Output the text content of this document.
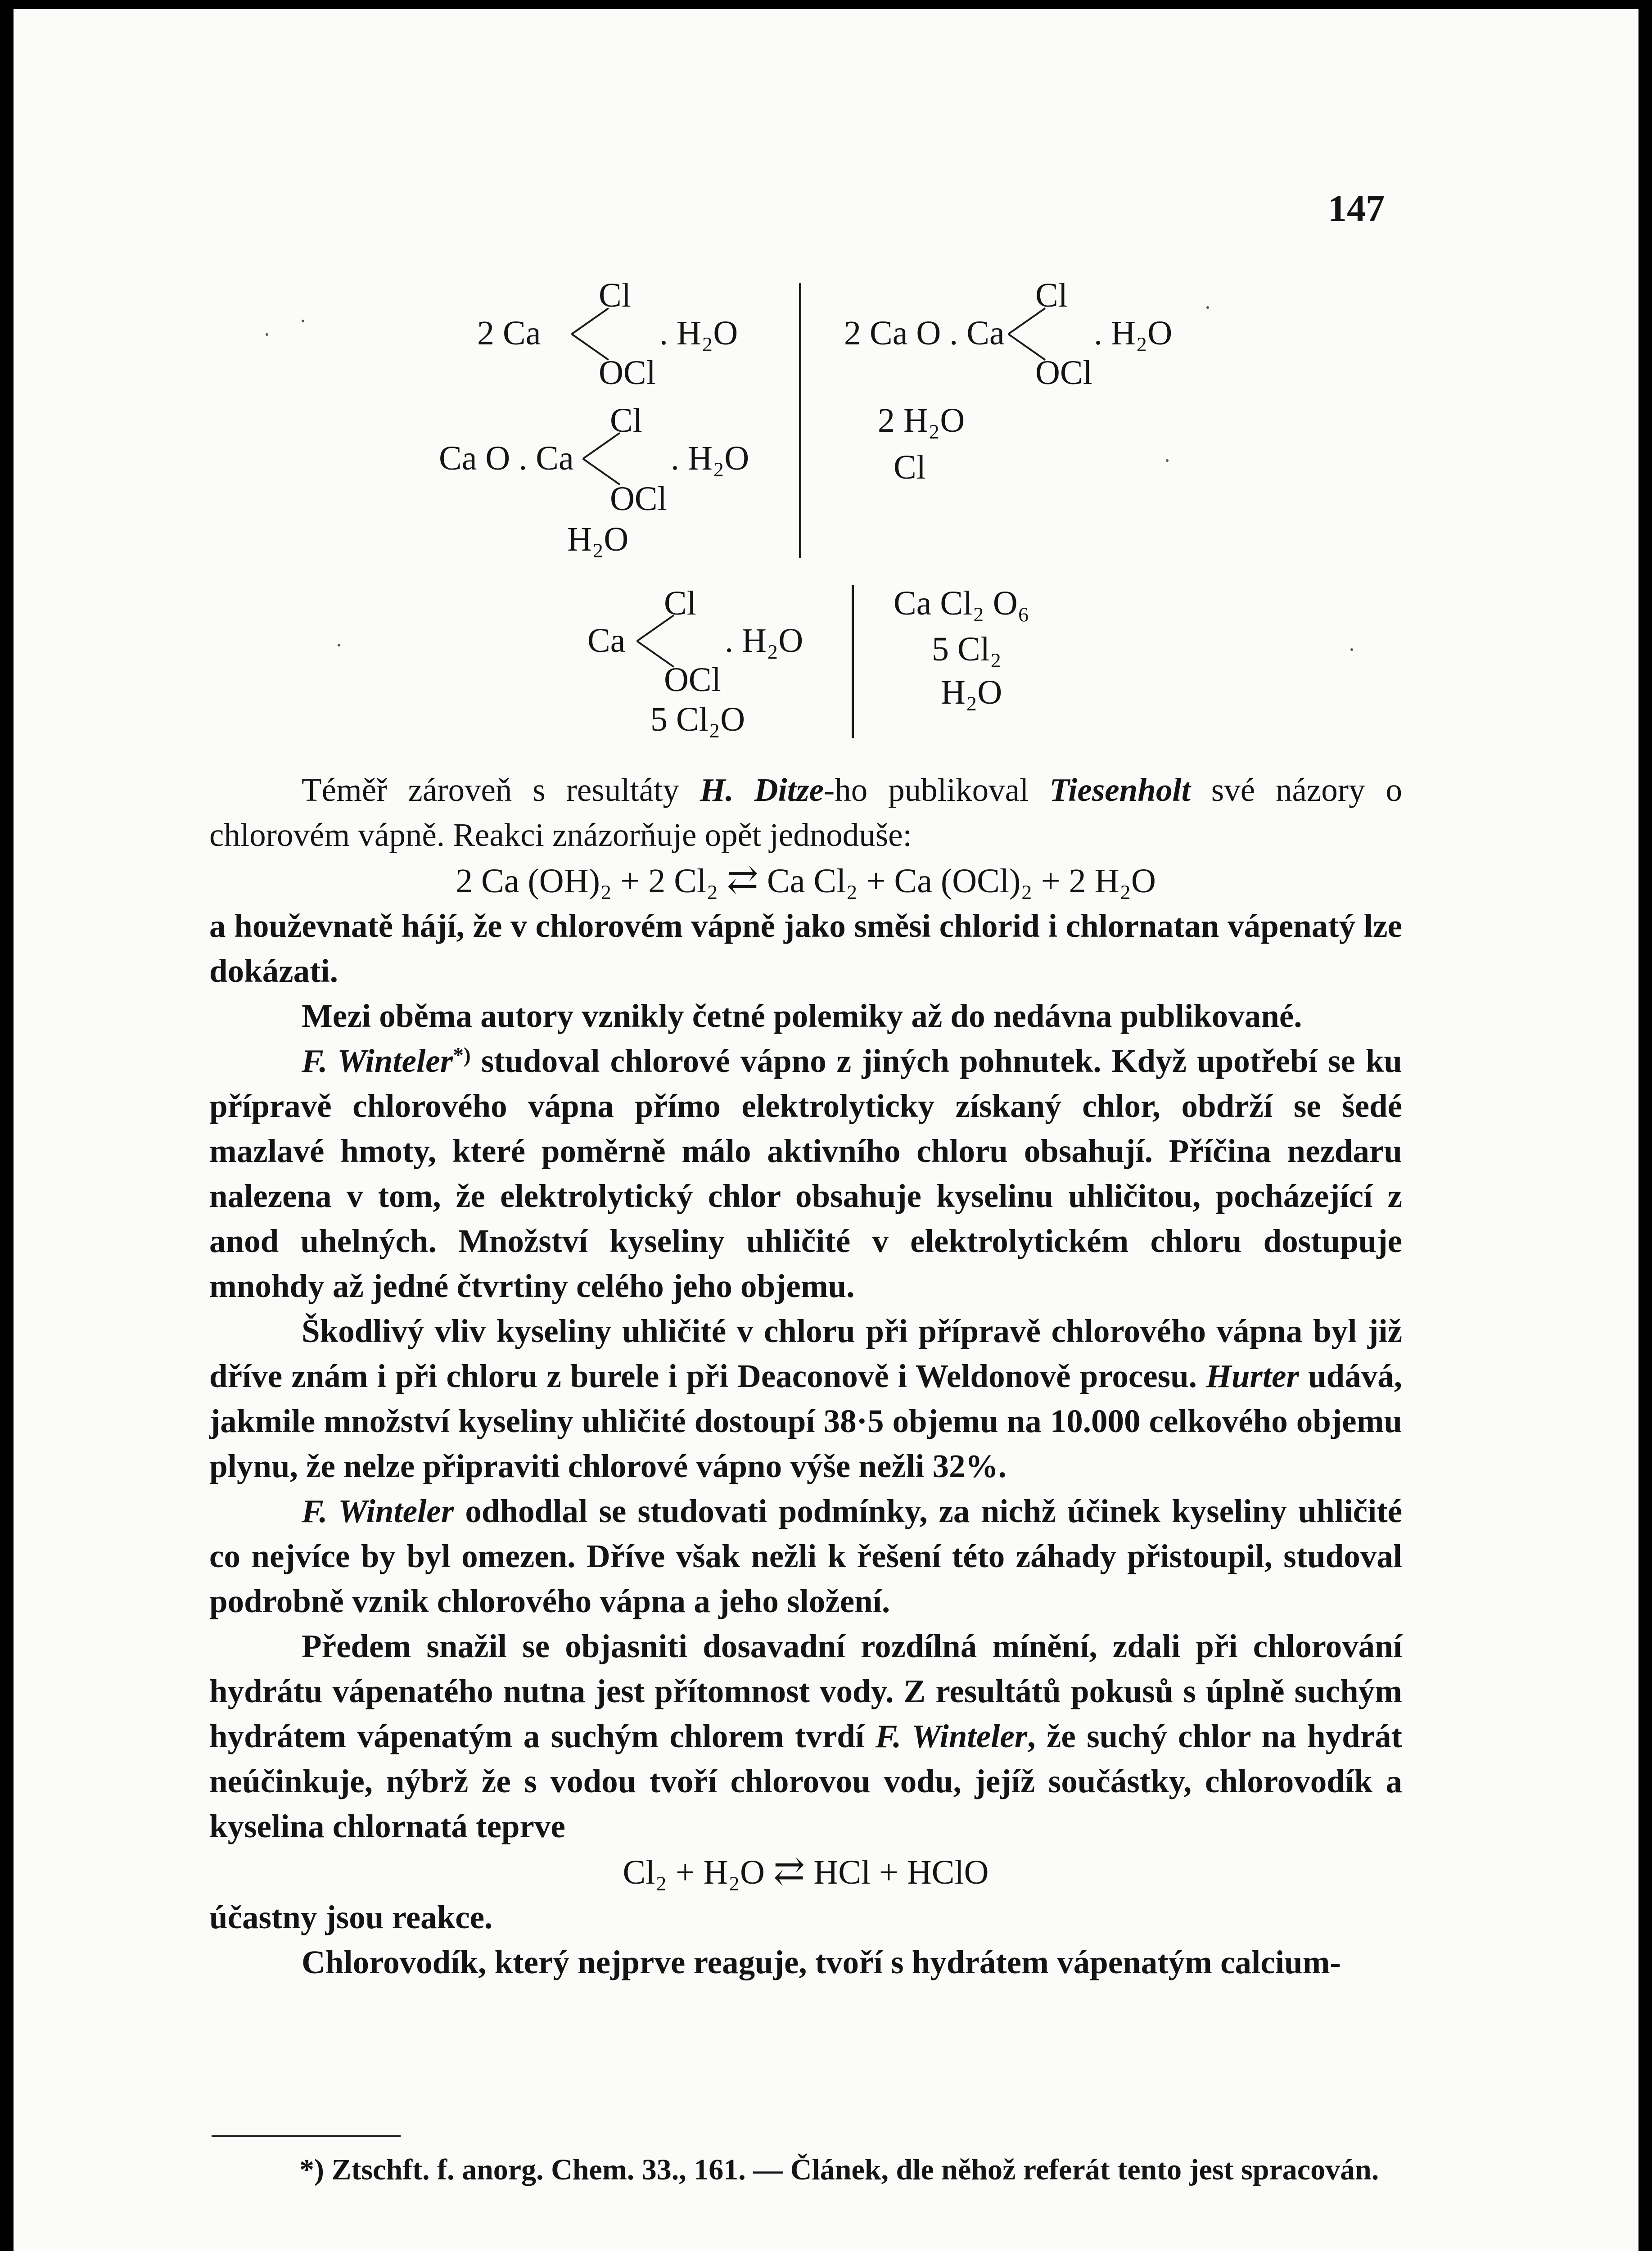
147
2 Ca
Cl
OCl
. H₂O
Ca O . Ca
Cl
OCl
. H₂O
H₂O
2 Ca O . Ca
Cl
OCl
. H₂O
2 H₂O
Cl
Ca
Cl
OCl
. H₂O
5 Cl₂O
Ca Cl₂ O₆
5 Cl₂
H₂O

Téměř zároveň s resultáty H. Ditze-ho publikoval Tiesenholt své názory o chlorovém vápně. Reakci znázorňuje opět jednoduše:

2 Ca (OH)₂ + 2 Cl₂ ⇄ Ca Cl₂ + Ca (OCl)₂ + 2 H₂O

a houževnatě hájí, že v chlorovém vápně jako směsi chlorid i chlornatan vápenatý lze dokázati.

Mezi oběma autory vznikly četné polemiky až do nedávna publikované.

F. Winteler*) studoval chlorové vápno z jiných pohnutek. Když upotřebí se ku přípravě chlorového vápna přímo elektrolyticky získaný chlor, obdrží se šedé mazlavé hmoty, které poměrně málo aktivního chloru obsahují. Příčina nezdaru nalezena v tom, že elektrolytický chlor obsahuje kyselinu uhličitou, pocházející z anod uhelných. Množství kyseliny uhličité v elektrolytickém chloru dostupuje mnohdy až jedné čtvrtiny celého jeho objemu.

Škodlivý vliv kyseliny uhličité v chloru při přípravě chlorového vápna byl již dříve znám i při chloru z burele i při Deaconově i Weldonově procesu. Hurter udává, jakmile množství kyseliny uhličité dostoupí 38·5 objemu na 10.000 celkového objemu plynu, že nelze připraviti chlorové vápno výše nežli 32%.

F. Winteler odhodlal se studovati podmínky, za nichž účinek kyseliny uhličité co nejvíce by byl omezen. Dříve však nežli k řešení této záhady přistoupil, studoval podrobně vznik chlorového vápna a jeho složení.

Předem snažil se objasniti dosavadní rozdílná mínění, zdali při chlorování hydrátu vápenatého nutna jest přítomnost vody. Z resultátů pokusů s úplně suchým hydrátem vápenatým a suchým chlorem tvrdí F. Winteler, že suchý chlor na hydrát neúčinkuje, nýbrž že s vodou tvoří chlorovou vodu, jejíž součástky, chlorovodík a kyselina chlornatá teprve

Cl₂ + H₂O ⇄ HCl + HClO

účastny jsou reakce.

Chlorovodík, který nejprve reaguje, tvoří s hydrátem vápenatým calcium-

*) Ztschft. f. anorg. Chem. 33., 161. — Článek, dle něhož referát tento jest spracován.
